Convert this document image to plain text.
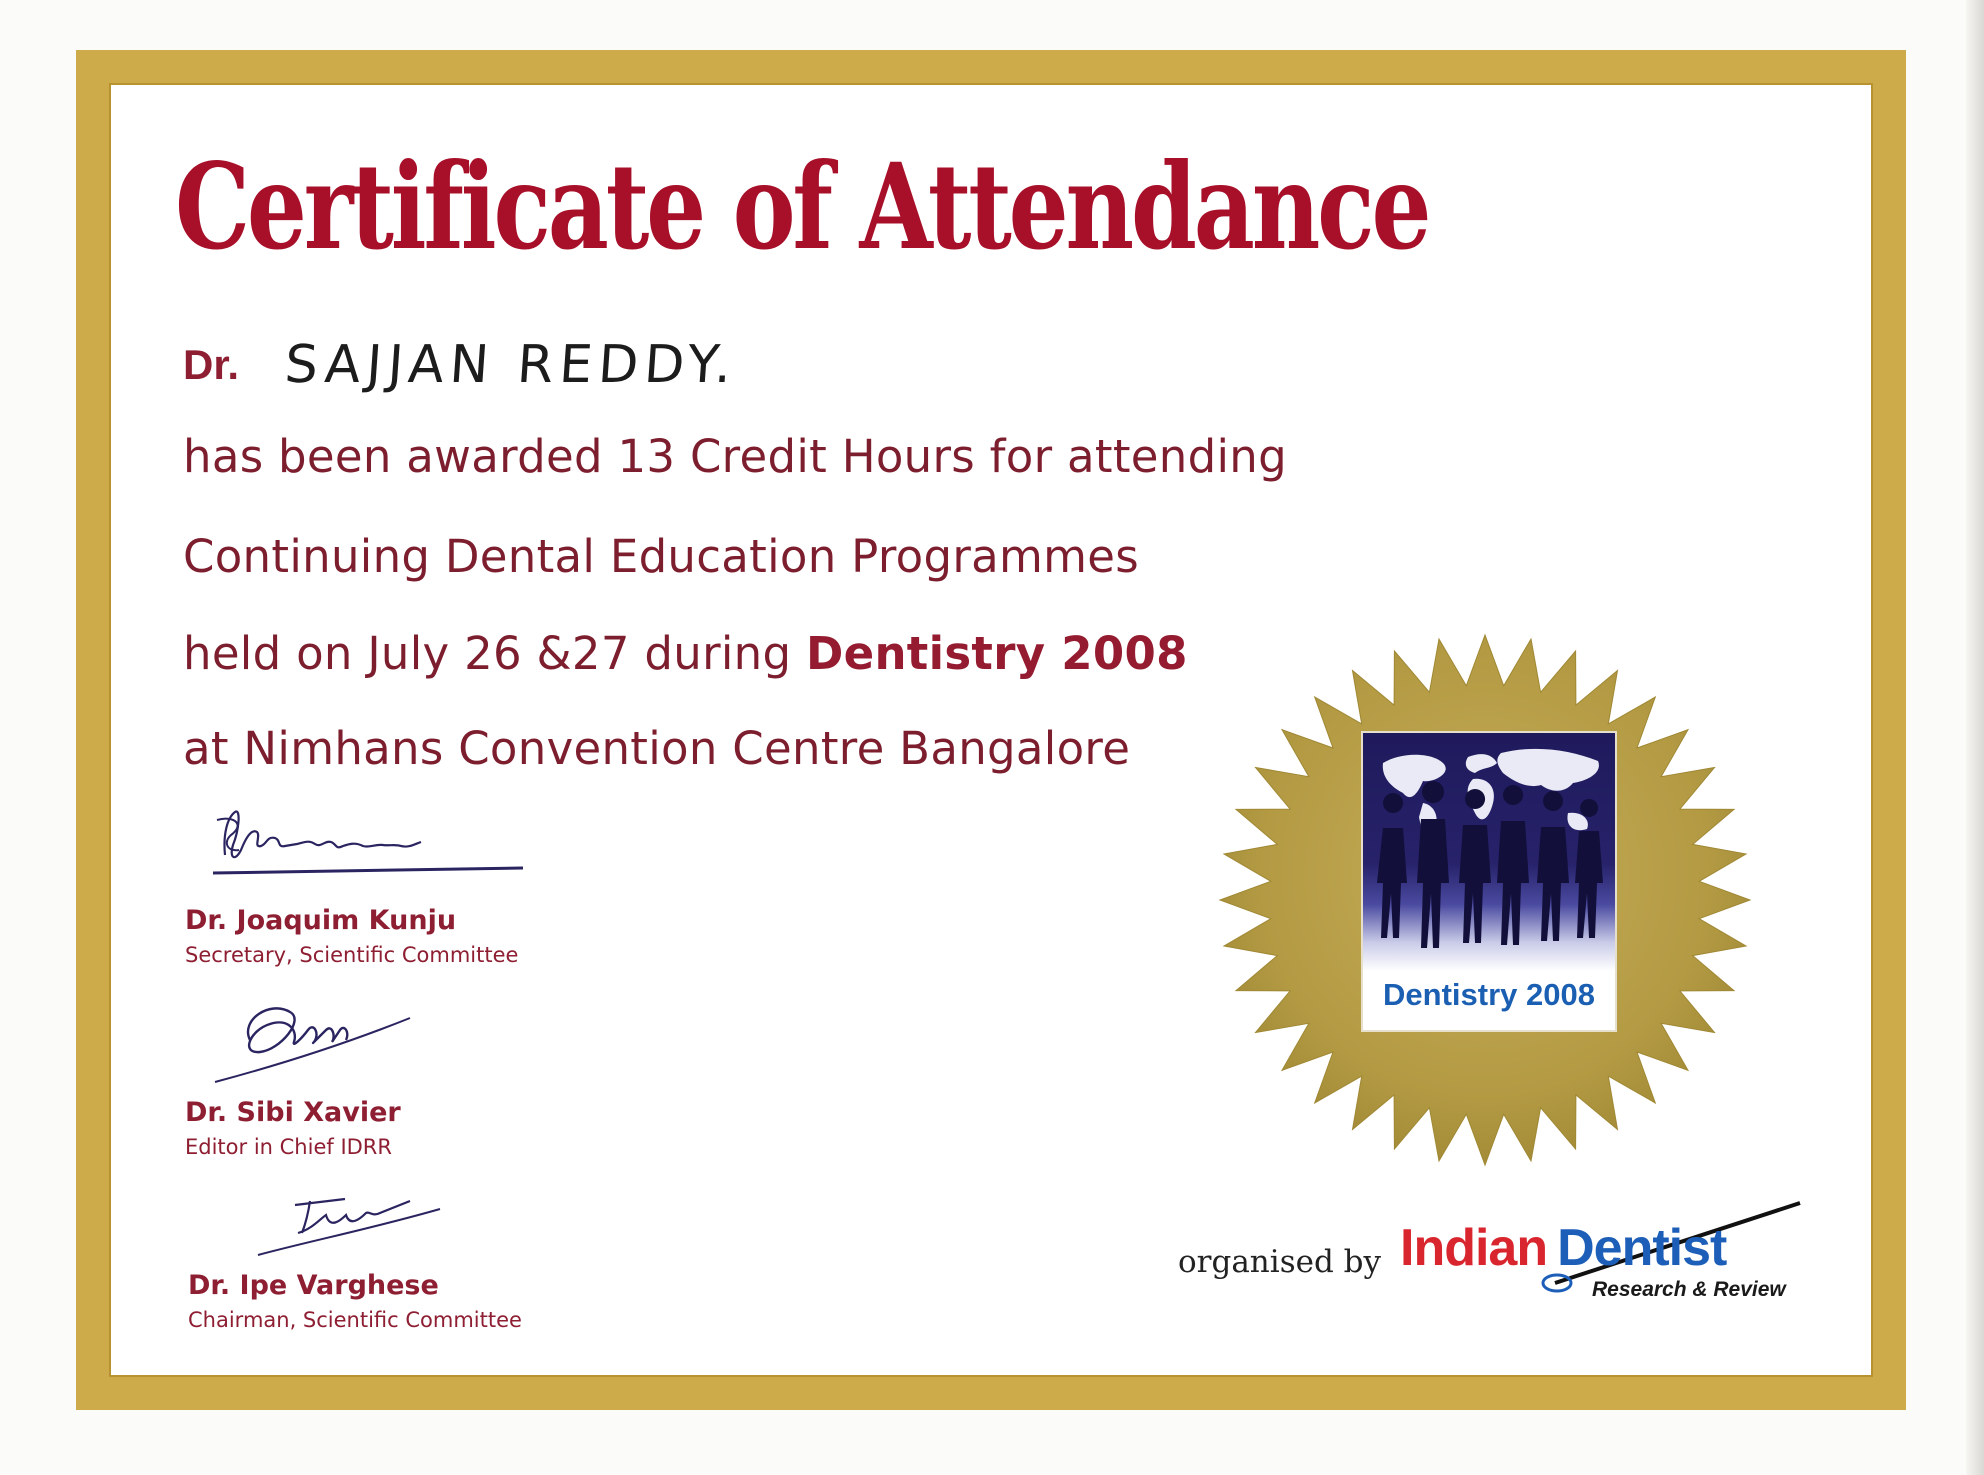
Certificate of Attendance
Dr. SAJJAN REDDY.
has been awarded 13 Credit Hours for attending
Continuing Dental Education Programmes
held on July 26 &27 during Dentistry 2008
at Nimhans Convention Centre Bangalore
Dr. Joaquim Kunju
Secretary, Scientific Committee
Dr. Sibi Xavier
Editor in Chief IDRR
Dr. Ipe Varghese
Chairman, Scientific Committee
Dentistry 2008
organised by Indian Dentist
Research & Review
